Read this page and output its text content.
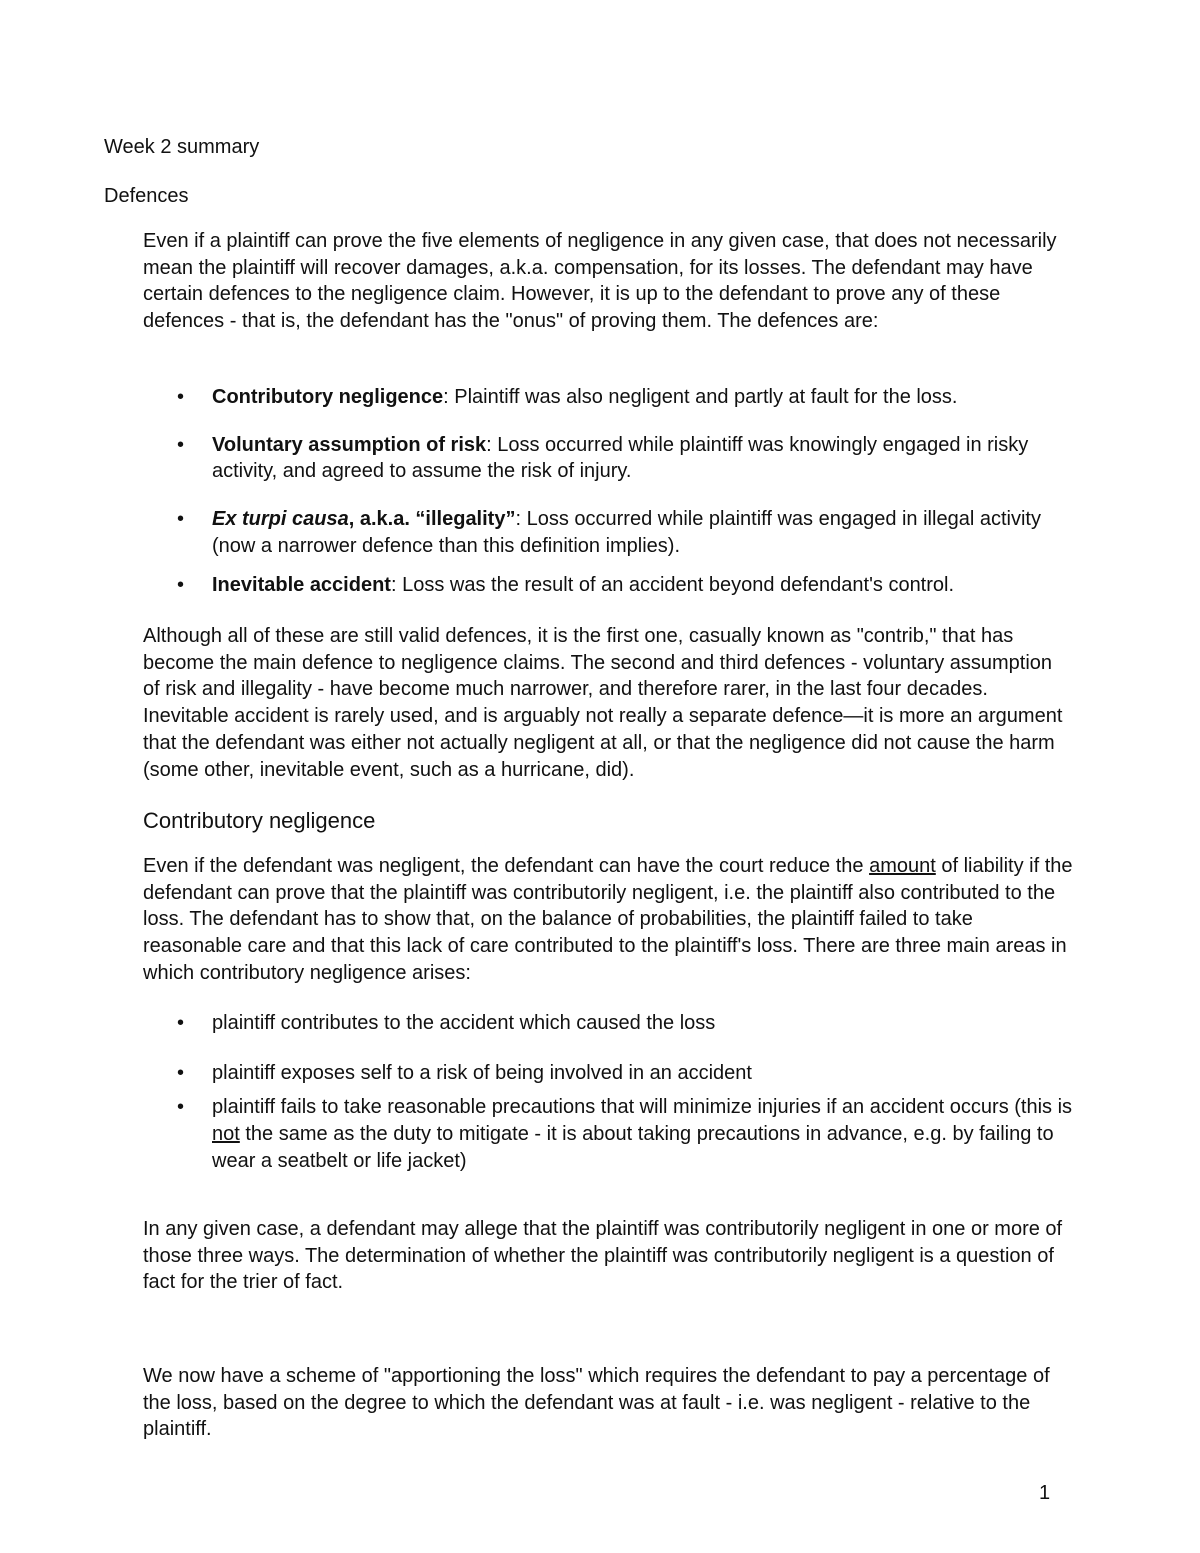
Week 2 summary

Defences

Even if a plaintiff can prove the five elements of negligence in any given case, that does not necessarily mean the plaintiff will recover damages, a.k.a. compensation, for its losses. The defendant may have certain defences to the negligence claim. However, it is up to the defendant to prove any of these defences - that is, the defendant has the "onus" of proving them. The defences are:

• Contributory negligence: Plaintiff was also negligent and partly at fault for the loss.
• Voluntary assumption of risk: Loss occurred while plaintiff was knowingly engaged in risky activity, and agreed to assume the risk of injury.
• Ex turpi causa, a.k.a. “illegality”: Loss occurred while plaintiff was engaged in illegal activity (now a narrower defence than this definition implies).
• Inevitable accident: Loss was the result of an accident beyond defendant's control.

Although all of these are still valid defences, it is the first one, casually known as "contrib," that has become the main defence to negligence claims. The second and third defences - voluntary assumption of risk and illegality - have become much narrower, and therefore rarer, in the last four decades. Inevitable accident is rarely used, and is arguably not really a separate defence—it is more an argument that the defendant was either not actually negligent at all, or that the negligence did not cause the harm (some other, inevitable event, such as a hurricane, did).

Contributory negligence

Even if the defendant was negligent, the defendant can have the court reduce the amount of liability if the defendant can prove that the plaintiff was contributorily negligent, i.e. the plaintiff also contributed to the loss. The defendant has to show that, on the balance of probabilities, the plaintiff failed to take reasonable care and that this lack of care contributed to the plaintiff's loss. There are three main areas in which contributory negligence arises:

• plaintiff contributes to the accident which caused the loss
• plaintiff exposes self to a risk of being involved in an accident
• plaintiff fails to take reasonable precautions that will minimize injuries if an accident occurs (this is not the same as the duty to mitigate - it is about taking precautions in advance, e.g. by failing to wear a seatbelt or life jacket)

In any given case, a defendant may allege that the plaintiff was contributorily negligent in one or more of those three ways. The determination of whether the plaintiff was contributorily negligent is a question of fact for the trier of fact.

We now have a scheme of "apportioning the loss" which requires the defendant to pay a percentage of the loss, based on the degree to which the defendant was at fault - i.e. was negligent - relative to the plaintiff.

1
